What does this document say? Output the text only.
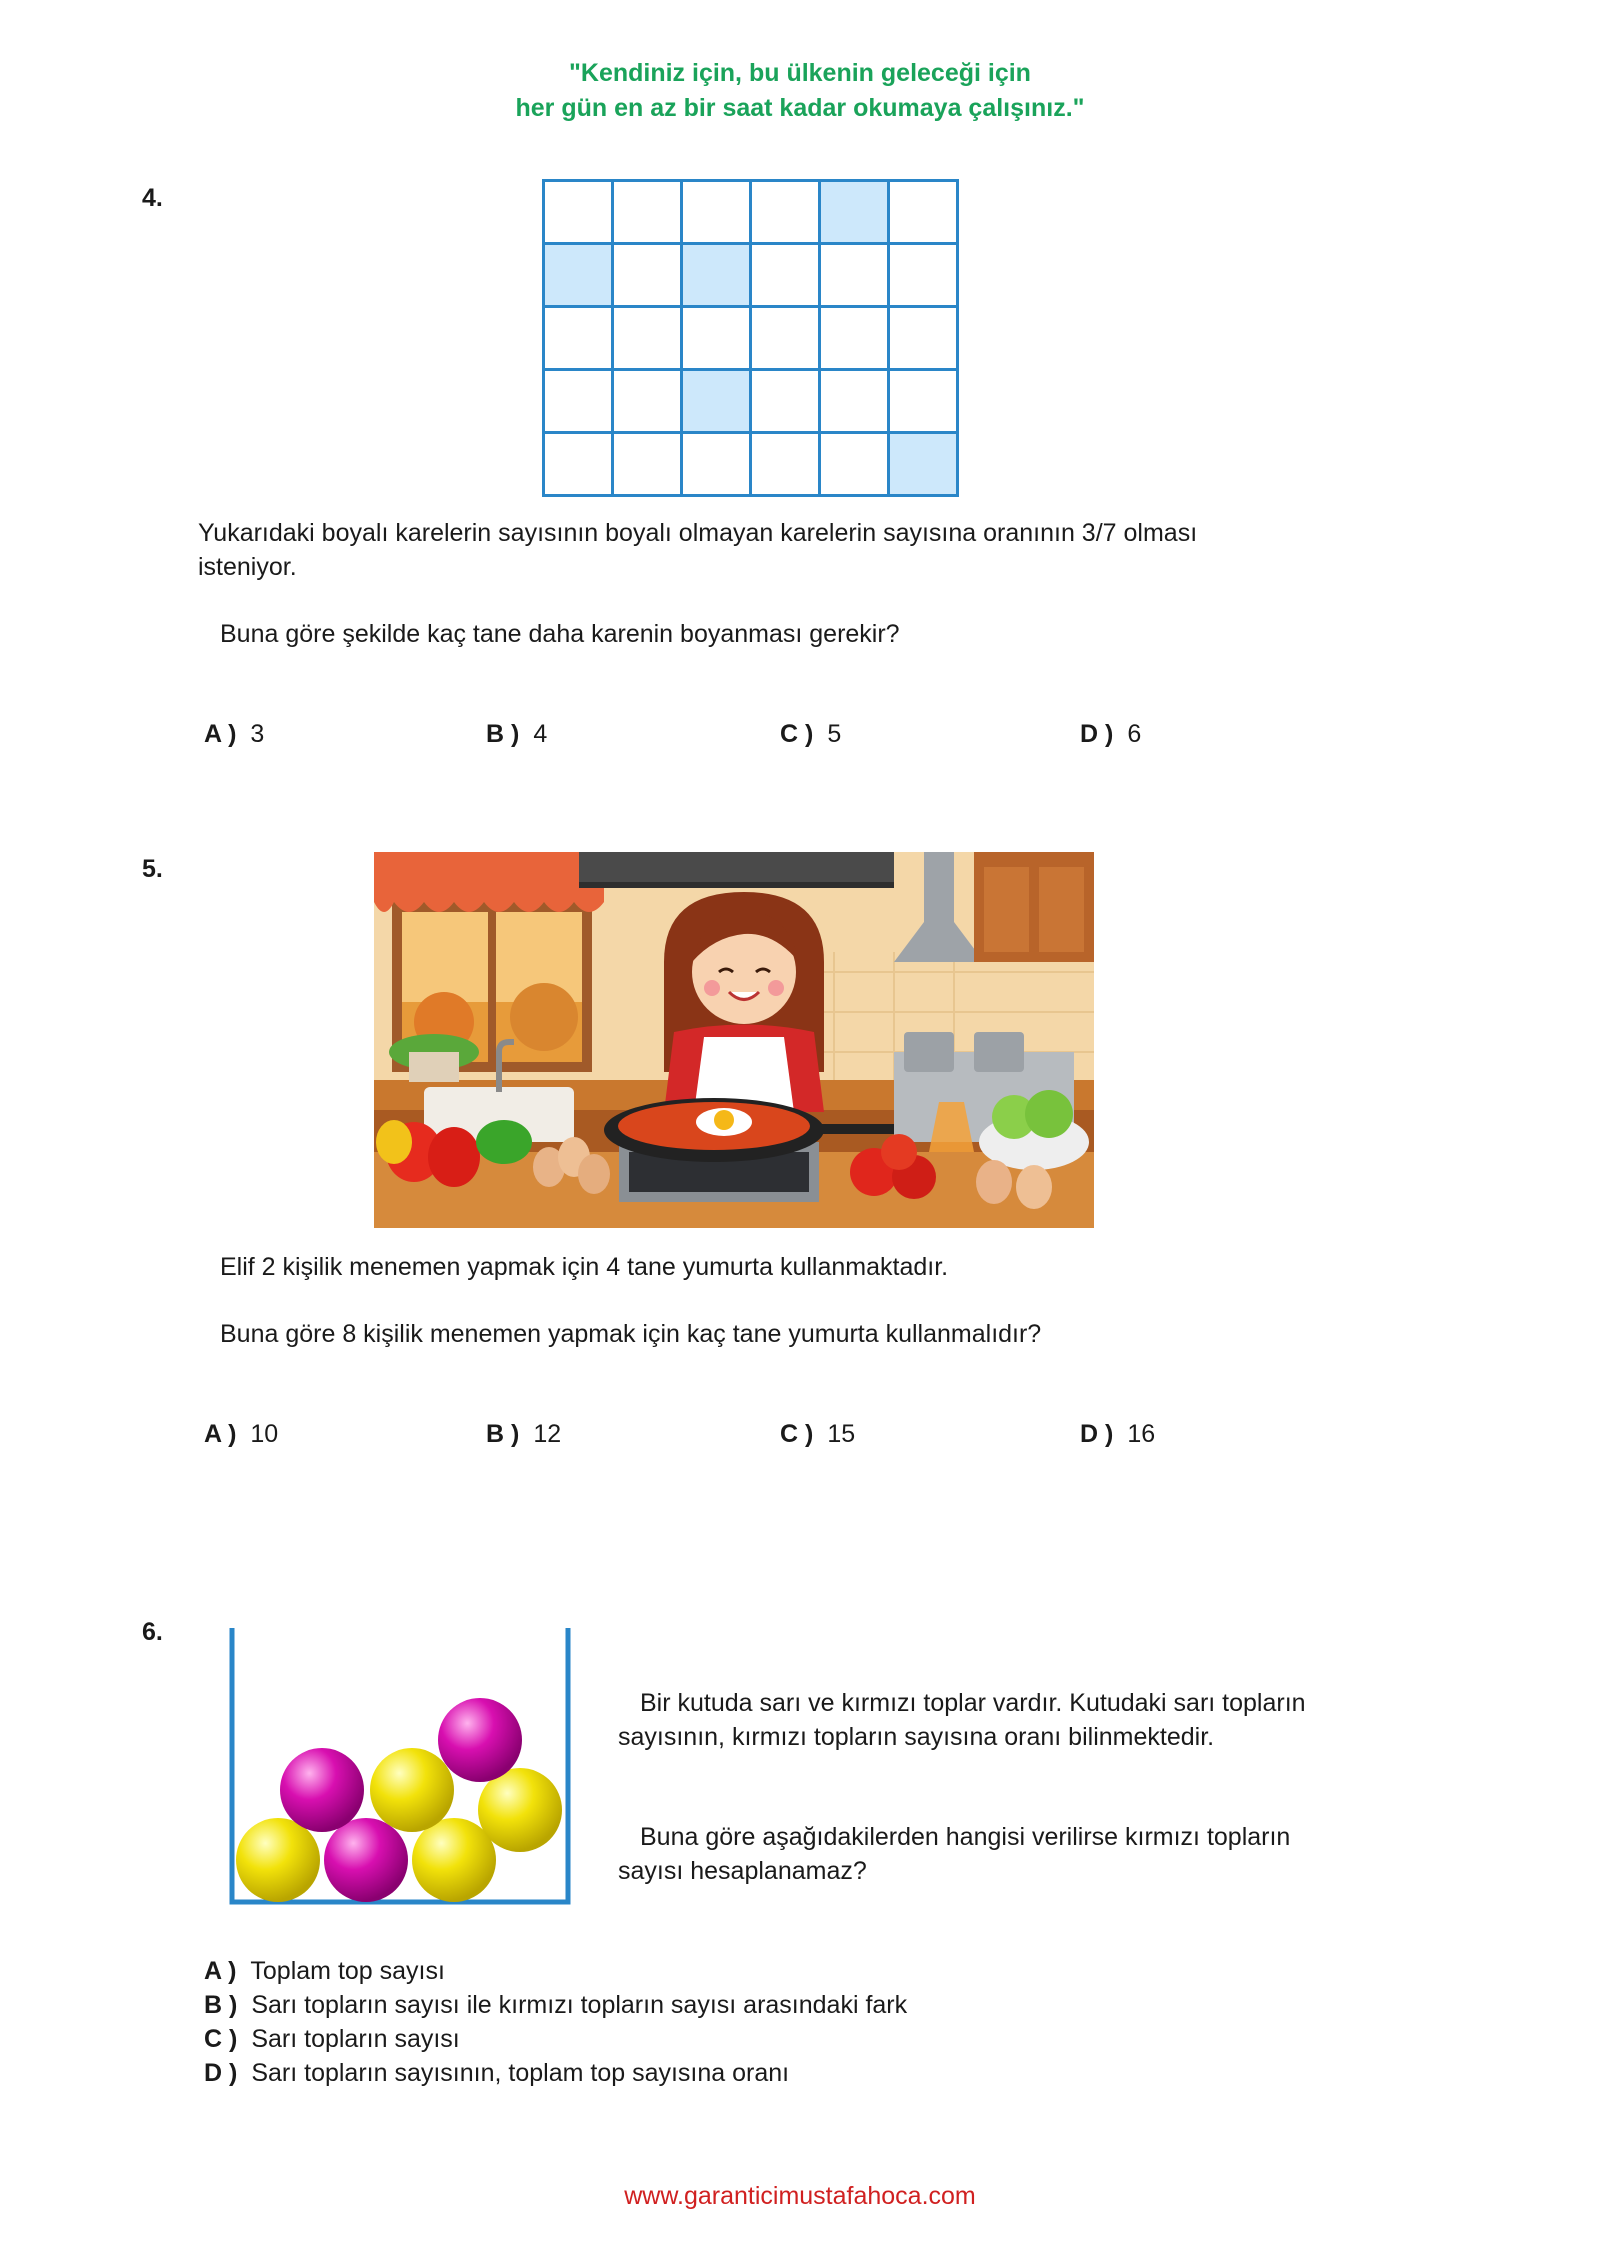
"Kendiniz için, bu ülkenin geleceği için
her gün en az bir saat kadar okumaya çalışınız."
4.

Yukarıdaki boyalı karelerin sayısının boyalı olmayan karelerin sayısına oranının 3/7 olması
isteniyor.
Buna göre şekilde kaç tane daha karenin boyanması gerekir?
A ) 3	B ) 4	C ) 5	D ) 6
5.
Elif 2 kişilik menemen yapmak için 4 tane yumurta kullanmaktadır.
Buna göre 8 kişilik menemen yapmak için kaç tane yumurta kullanmalıdır?
A ) 10	B ) 12	C ) 15	D ) 16
6.
Bir kutuda sarı ve kırmızı toplar vardır. Kutudaki sarı topların
sayısının, kırmızı topların sayısına oranı bilinmektedir.
Buna göre aşağıdakilerden hangisi verilirse kırmızı topların
sayısı hesaplanamaz?
A ) Toplam top sayısı
B ) Sarı topların sayısı ile kırmızı topların sayısı arasındaki fark
C ) Sarı topların sayısı
D ) Sarı topların sayısının, toplam top sayısına oranı
www.garanticimustafahoca.com
